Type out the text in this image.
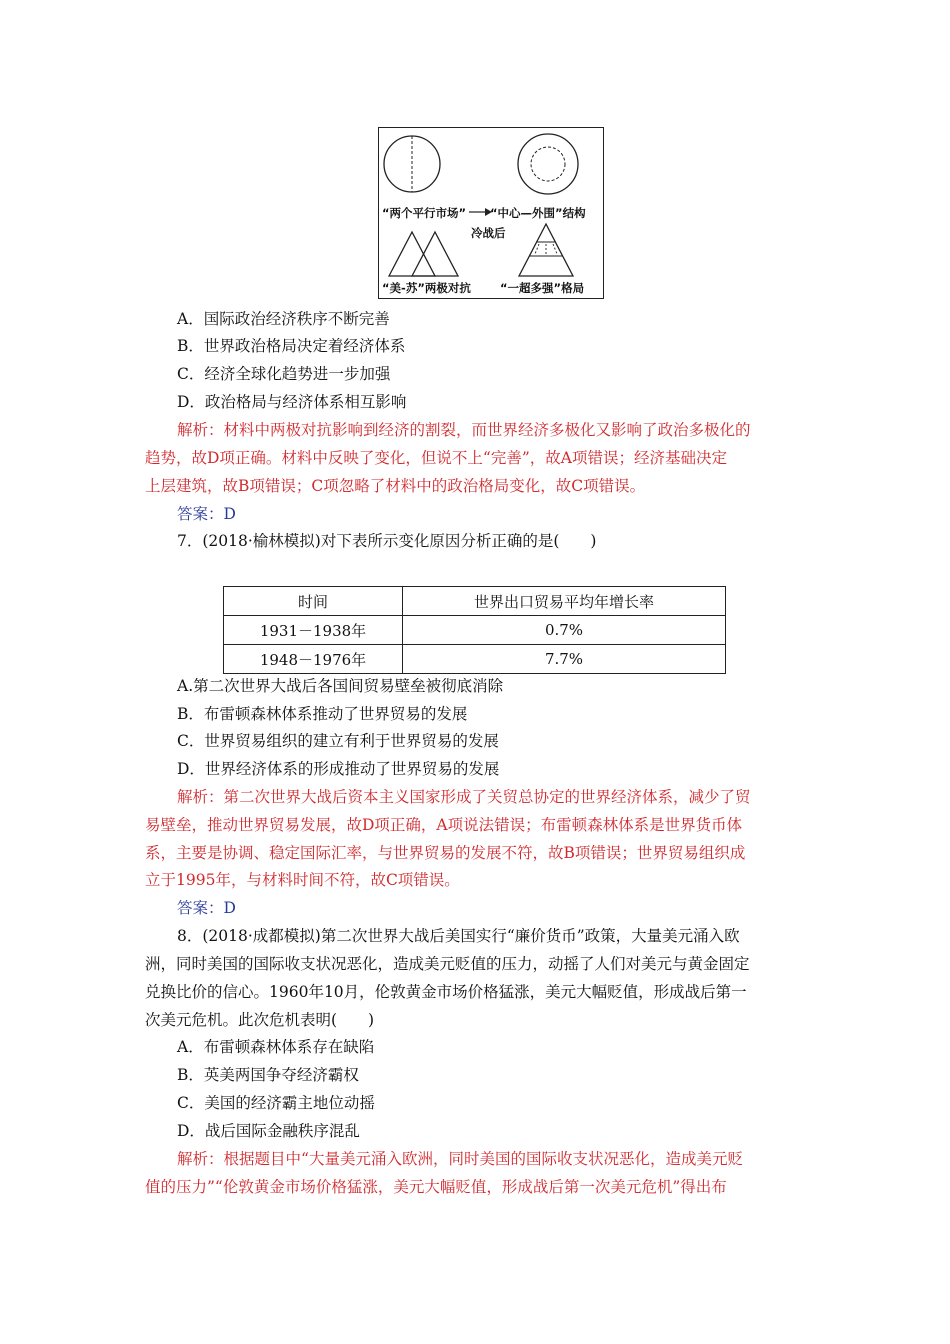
“两个平行市场” “中心—外围”结构
冷战后
“美-苏”两极对抗	“一超多强”格局
A．国际政治经济秩序不断完善
B．世界政治格局决定着经济体系
C．经济全球化趋势进一步加强
D．政治格局与经济体系相互影响
解析：材料中两极对抗影响到经济的割裂，而世界经济多极化又影响了政治多极化的
趋势，故D项正确。材料中反映了变化，但说不上“完善”，故A项错误；经济基础决定
上层建筑，故B项错误；C项忽略了材料中的政治格局变化，故C项错误。
答案：D
7．(2018·榆林模拟)对下表所示变化原因分析正确的是(　　)
时间	世界出口贸易平均年增长率
1931－1938年	0.7%
1948－1976年	7.7%
A.第二次世界大战后各国间贸易壁垒被彻底消除
B．布雷顿森林体系推动了世界贸易的发展
C．世界贸易组织的建立有利于世界贸易的发展
D．世界经济体系的形成推动了世界贸易的发展
解析：第二次世界大战后资本主义国家形成了关贸总协定的世界经济体系，减少了贸
易壁垒，推动世界贸易发展，故D项正确，A项说法错误；布雷顿森林体系是世界货币体
系，主要是协调、稳定国际汇率，与世界贸易的发展不符，故B项错误；世界贸易组织成
立于1995年，与材料时间不符，故C项错误。
答案：D
8．(2018·成都模拟)第二次世界大战后美国实行“廉价货币”政策，大量美元涌入欧
洲，同时美国的国际收支状况恶化，造成美元贬值的压力，动摇了人们对美元与黄金固定
兑换比价的信心。1960年10月，伦敦黄金市场价格猛涨，美元大幅贬值，形成战后第一
次美元危机。此次危机表明(　　)
A．布雷顿森林体系存在缺陷
B．英美两国争夺经济霸权
C．美国的经济霸主地位动摇
D．战后国际金融秩序混乱
解析：根据题目中“大量美元涌入欧洲，同时美国的国际收支状况恶化，造成美元贬
值的压力”“伦敦黄金市场价格猛涨，美元大幅贬值，形成战后第一次美元危机”得出布
